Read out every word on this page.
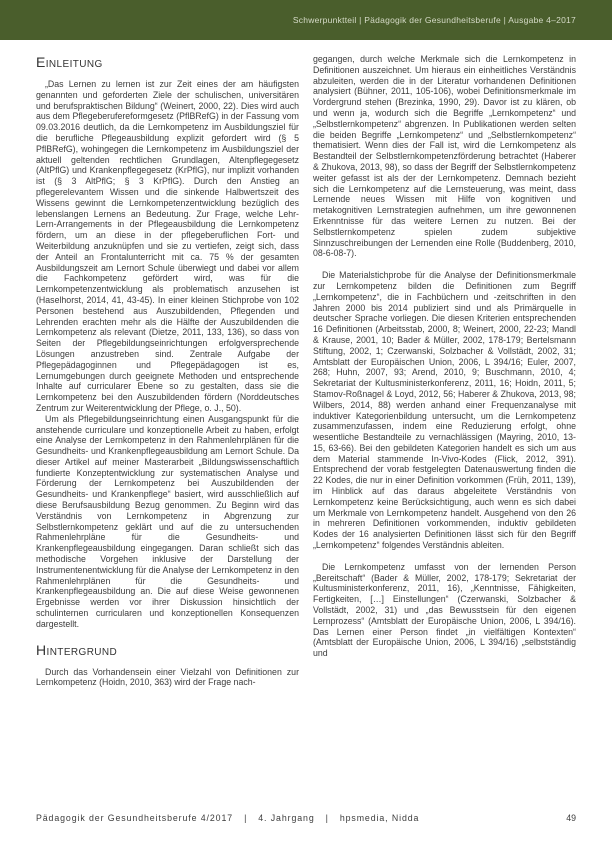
Schwerpunktteil | Pädagogik der Gesundheitsberufe | Ausgabe 4–2017
Einleitung

„Das Lernen zu lernen ist zur Zeit eines der am häufigsten genannten und geforderten Ziele der schulischen, universitären und berufspraktischen Bildung“ (Weinert, 2000, 22). Dies wird auch aus dem Pflegeberufereformgesetz (PflBRefG) in der Fassung vom 09.03.2016 deutlich, da die Lernkompetenz im Ausbildungsziel für die berufliche Pflegeausbildung explizit gefordert wird (§ 5 PflBRefG), wohingegen die Lernkompetenz im Ausbildungsziel der aktuell geltenden rechtlichen Grundlagen, Altenpflegegesetz (AltPflG) und Krankenpflegegesetz (KrPflG), nur implizit vorhanden ist (§ 3 AltPflG; § 3 KrPflG). Durch den Anstieg an pflegerelevantem Wissen und die sinkende Halbwertszeit des Wissens gewinnt die Lernkompetenzentwicklung bezüglich des lebenslangen Lernens an Bedeutung. Zur Frage, welche Lehr-Lern-Arrangements in der Pflegeausbildung die Lernkompetenz fördern, um an diese in der pflegeberuflichen Fort- und Weiterbildung anzuknüpfen und sie zu vertiefen, zeigt sich, dass der Anteil an Frontalunterricht mit ca. 75 % der gesamten Ausbildungszeit am Lernort Schule überwiegt und dabei vor allem die Fachkompetenz gefördert wird, was für die Lernkompetenzentwicklung als problematisch anzusehen ist (Haselhorst, 2014, 41, 43-45). In einer kleinen Stichprobe von 102 Personen bestehend aus Auszubildenden, Pflegenden und Lehrenden erachten mehr als die Hälfte der Auszubildenden die Lernkompetenz als relevant (Dietze, 2011, 133, 136), so dass von Seiten der Pflegebildungseinrichtungen erfolgversprechende Lösungen anzustreben sind. Zentrale Aufgabe der Pflegepädagoginnen und Pflegepädagogen ist es, Lernumgebungen durch geeignete Methoden und entsprechende Inhalte auf curricularer Ebene so zu gestalten, dass sie die Lernkompetenz bei den Auszubildenden fördern (Norddeutsches Zentrum zur Weiterentwicklung der Pflege, o. J., 50).

Um als Pflegebildungseinrichtung einen Ausgangspunkt für die anstehende curriculare und konzeptionelle Arbeit zu haben, erfolgt eine Analyse der Lernkompetenz in den Rahmenlehrplänen für die Gesundheits- und Krankenpflegeausbildung am Lernort Schule. Da dieser Artikel auf meiner Masterarbeit „Bildungswissenschaftlich fundierte Konzeptentwicklung zur systematischen Analyse und Förderung der Lernkompetenz bei Auszubildenden der Gesundheits- und Krankenpflege“ basiert, wird ausschließlich auf diese Berufsausbildung Bezug genommen. Zu Beginn wird das Verständnis von Lernkompetenz in Abgrenzung zur Selbstlernkompetenz geklärt und auf die zu untersuchenden Rahmenlehrpläne für die Gesundheits- und Krankenpflegeausbildung eingegangen. Daran schließt sich das methodische Vorgehen inklusive der Darstellung der Instrumentenentwicklung für die Analyse der Lernkompetenz in den Rahmenlehrplänen für die Gesundheits- und Krankenpflegeausbildung an. Die auf diese Weise gewonnenen Ergebnisse werden vor ihrer Diskussion hinsichtlich der schulinternen curricularen und konzeptionellen Konsequenzen dargestellt.

Hintergrund

Durch das Vorhandensein einer Vielzahl von Definitionen zur Lernkompetenz (Hoidn, 2010, 363) wird der Frage nach-

gegangen, durch welche Merkmale sich die Lernkompetenz in Definitionen auszeichnet. Um hieraus ein einheitliches Verständnis abzuleiten, werden die in der Literatur vorhandenen Definitionen analysiert (Bühner, 2011, 105-106), wobei Definitionsmerkmale im Vordergrund stehen (Brezinka, 1990, 29). Davor ist zu klären, ob und wenn ja, wodurch sich die Begriffe „Lernkompetenz“ und „Selbstlernkompetenz“ abgrenzen. In Publikationen werden selten die beiden Begriffe „Lernkompetenz“ und „Selbstlernkompetenz“ thematisiert. Wenn dies der Fall ist, wird die Lernkompetenz als Bestandteil der Selbstlernkompetenzförderung betrachtet (Haberer & Zhukova, 2013, 98), so dass der Begriff der Selbstlernkompetenz weiter gefasst ist als der der Lernkompetenz. Demnach bezieht sich die Lernkompetenz auf die Lernsteuerung, was meint, dass Lernende neues Wissen mit Hilfe von kognitiven und metakognitiven Lernstrategien aufnehmen, um ihre gewonnenen Erkenntnisse für das weitere Lernen zu nutzen. Bei der Selbstlernkompetenz spielen zudem subjektive Sinnzuschreibungen der Lernenden eine Rolle (Buddenberg, 2010, 08-6-08-7).

Die Materialstichprobe für die Analyse der Definitionsmerkmale zur Lernkompetenz bilden die Definitionen zum Begriff „Lernkompetenz“, die in Fachbüchern und -zeitschriften in den Jahren 2000 bis 2014 publiziert sind und als Primärquelle in deutscher Sprache vorliegen. Die diesen Kriterien entsprechenden 16 Definitionen (Arbeitsstab, 2000, 8; Weinert, 2000, 22-23; Mandl & Krause, 2001, 10; Bader & Müller, 2002, 178-179; Bertelsmann Stiftung, 2002, 1; Czerwanski, Solzbacher & Vollstädt, 2002, 31; Amtsblatt der Europäischen Union, 2006, L 394/16; Euler, 2007, 268; Huhn, 2007, 93; Arend, 2010, 9; Buschmann, 2010, 4; Sekretariat der Kultusministerkonferenz, 2011, 16; Hoidn, 2011, 5; Stamov-Roßnagel & Loyd, 2012, 56; Haberer & Zhukova, 2013, 98; Wilbers, 2014, 88) werden anhand einer Frequenzanalyse mit induktiver Kategorienbildung untersucht, um die Lernkompetenz zusammenzufassen, indem eine Reduzierung erfolgt, ohne wesentliche Bestandteile zu vernachlässigen (Mayring, 2010, 13-15, 63-66). Bei den gebildeten Kategorien handelt es sich um aus dem Material stammende In-Vivo-Kodes (Flick, 2012, 391). Entsprechend der vorab festgelegten Datenauswertung finden die 22 Kodes, die nur in einer Definition vorkommen (Früh, 2011, 139), im Hinblick auf das daraus abgeleitete Verständnis von Lernkompetenz keine Berücksichtigung, auch wenn es sich dabei um Merkmale von Lernkompetenz handelt. Ausgehend von den 26 in mehreren Definitionen vorkommenden, induktiv gebildeten Kodes der 16 analysierten Definitionen lässt sich für den Begriff „Lernkompetenz“ folgendes Verständnis ableiten.

Die Lernkompetenz umfasst von der lernenden Person „Bereitschaft“ (Bader & Müller, 2002, 178-179; Sekretariat der Kultusministerkonferenz, 2011, 16), „Kenntnisse, Fähigkeiten, Fertigkeiten, […] Einstellungen“ (Czerwanski, Solzbacher & Vollstädt, 2002, 31) und „das Bewusstsein für den eigenen Lernprozess“ (Amtsblatt der Europäische Union, 2006, L 394/16). Das Lernen einer Person findet „in vielfältigen Kontexten“ (Amtsblatt der Europäische Union, 2006, L 394/16) „selbstständig und

Pädagogik der Gesundheitsberufe 4/2017 | 4. Jahrgang | hpsmedia, Nidda	49
